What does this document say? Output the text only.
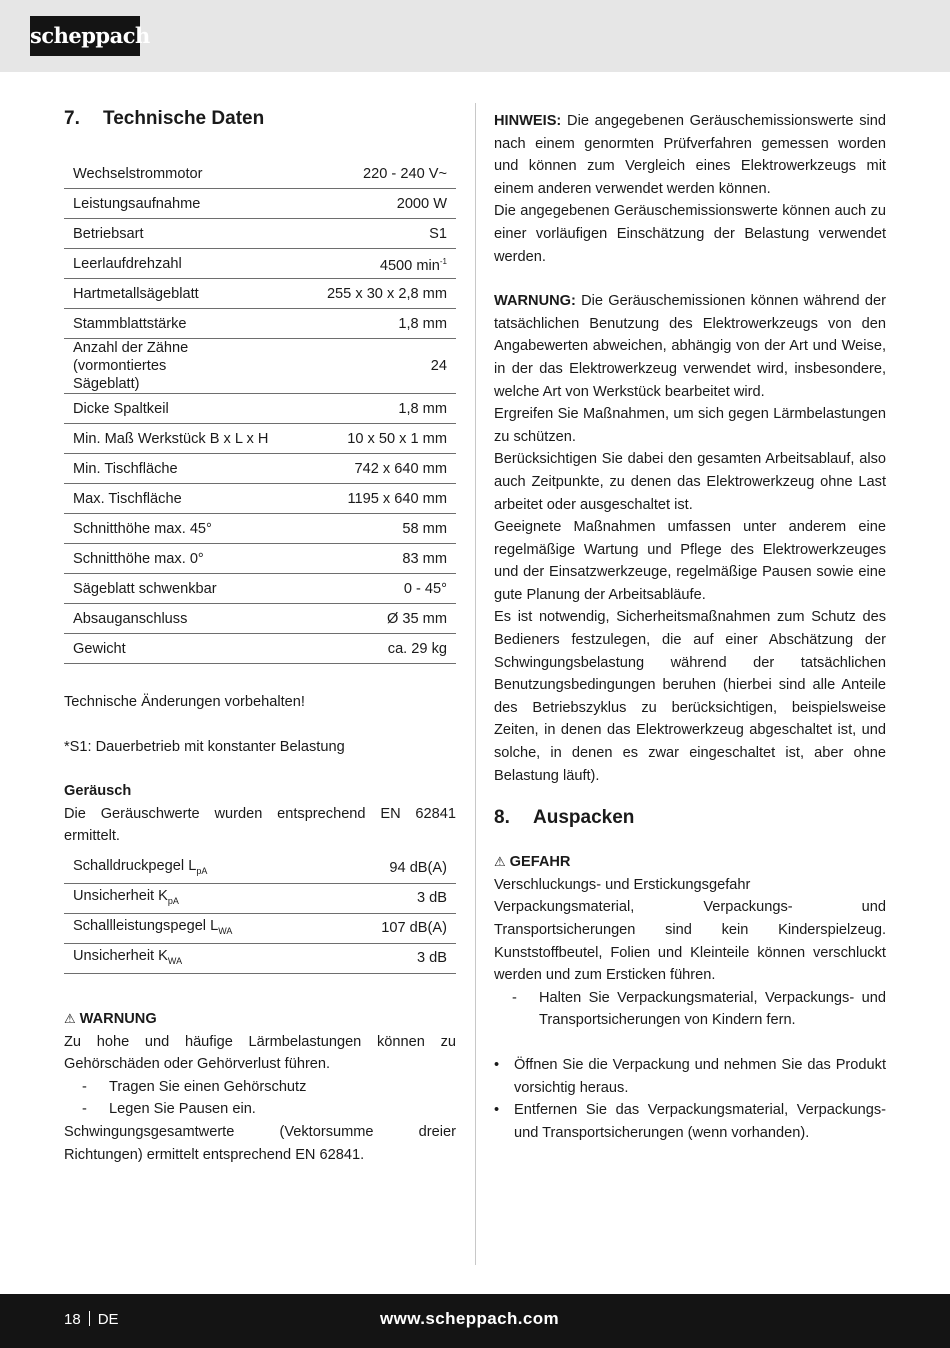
scheppach
7. Technische Daten
Wechselstrommotor	220 - 240 V~
Leistungsaufnahme	2000 W
Betriebsart	S1
Leerlaufdrehzahl	4500 $\min^{-1}$
Hartmetallsägeblatt	255 x 30 x 2,8 mm
Stammblattstärke	1,8 mm
Anzahl der Zähne (vormontiertes Sägeblatt)	24
Dicke Spaltkeil	1,8 mm
Min. Maß Werkstück B x L x H	10 x 50 x 1 mm
Min. Tischfläche	742 x 640 mm
Max. Tischfläche	1195 x 640 mm
Schnitthöhe max. 45°	58 mm
Schnitthöhe max. 0°	83 mm
Sägeblatt schwenkbar	0 - 45°
Absauganschluss	Ø 35 mm
Gewicht	ca. 29 kg

Technische Änderungen vorbehalten!

*S1: Dauerbetrieb mit konstanter Belastung

Geräusch

Die Geräuschwerte wurden entsprechend EN 62841 ermittelt.

Schalldruckpegel $L_{pA}$	94 dB(A)
Unsicherheit $K_{pA}$	3 dB
Schallleistungspegel $L_{WA}$	107 dB(A)
Unsicherheit $K_{WA}$	3 dB
⚠ WARNUNG

Zu hohe und häufige Lärmbelastungen können zu Gehörschäden oder Gehörverlust führen.

- Tragen Sie einen Gehörschutz
- Legen Sie Pausen ein.

Schwingungsgesamtwerte (Vektorsumme dreier Richtungen) ermittelt entsprechend EN 62841.

HINWEIS: Die angegebenen Geräuschemissionswerte sind nach einem genormten Prüfverfahren gemessen worden und können zum Vergleich eines Elektrowerkzeugs mit einem anderen verwendet werden können.

Die angegebenen Geräuschemissionswerte können auch zu einer vorläufigen Einschätzung der Belastung verwendet werden.

WARNUNG: Die Geräuschemissionen können während der tatsächlichen Benutzung des Elektrowerkzeugs von den Angabewerten abweichen, abhängig von der Art und Weise, in der das Elektrowerkzeug verwendet wird, insbesondere, welche Art von Werkstück bearbeitet wird.

Ergreifen Sie Maßnahmen, um sich gegen Lärmbelastungen zu schützen.

Berücksichtigen Sie dabei den gesamten Arbeitsablauf, also auch Zeitpunkte, zu denen das Elektrowerkzeug ohne Last arbeitet oder ausgeschaltet ist.

Geeignete Maßnahmen umfassen unter anderem eine regelmäßige Wartung und Pflege des Elektrowerkzeuges und der Einsatzwerkzeuge, regelmäßige Pausen sowie eine gute Planung der Arbeitsabläufe.

Es ist notwendig, Sicherheitsmaßnahmen zum Schutz des Bedieners festzulegen, die auf einer Abschätzung der Schwingungsbelastung während der tatsächlichen Benutzungsbedingungen beruhen (hierbei sind alle Anteile des Betriebszyklus zu berücksichtigen, beispielsweise Zeiten, in denen das Elektrowerkzeug abgeschaltet ist, und solche, in denen es zwar eingeschaltet ist, aber ohne Belastung läuft).

8. Auspacken
⚠ GEFAHR

Verschluckungs- und Erstickungsgefahr

Verpackungsmaterial, Verpackungs- und Transportsicherungen sind kein Kinderspielzeug. Kunststoffbeutel, Folien und Kleinteile können verschluckt werden und zum Ersticken führen.

- Halten Sie Verpackungsmaterial, Verpackungs- und Transportsicherungen von Kindern fern.
• Öffnen Sie die Verpackung und nehmen Sie das Produkt vorsichtig heraus.
• Entfernen Sie das Verpackungsmaterial, Verpackungs- und Transportsicherungen (wenn vorhanden).
18 DE	www.scheppach.com
